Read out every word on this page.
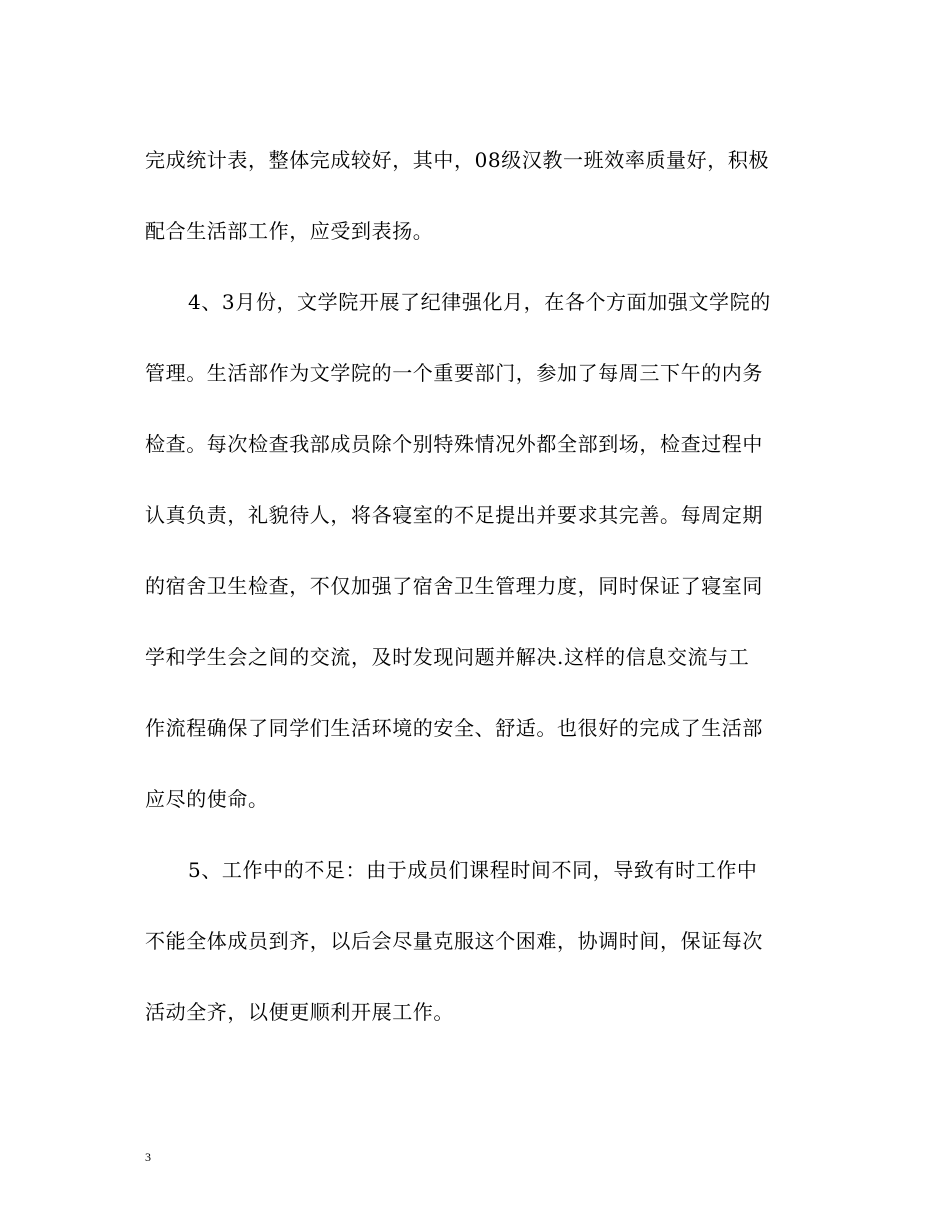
完成统计表，整体完成较好，其中，08级汉教一班效率质量好，积极
配合生活部工作，应受到表扬。
4、3月份，文学院开展了纪律强化月，在各个方面加强文学院的
管理。生活部作为文学院的一个重要部门，参加了每周三下午的内务
检查。每次检查我部成员除个别特殊情况外都全部到场，检查过程中
认真负责，礼貌待人，将各寝室的不足提出并要求其完善。每周定期
的宿舍卫生检查，不仅加强了宿舍卫生管理力度，同时保证了寝室同
学和学生会之间的交流，及时发现问题并解决.这样的信息交流与工
作流程确保了同学们生活环境的安全、舒适。也很好的完成了生活部
应尽的使命。
5、工作中的不足：由于成员们课程时间不同，导致有时工作中
不能全体成员到齐，以后会尽量克服这个困难，协调时间，保证每次
活动全齐，以便更顺利开展工作。
3
